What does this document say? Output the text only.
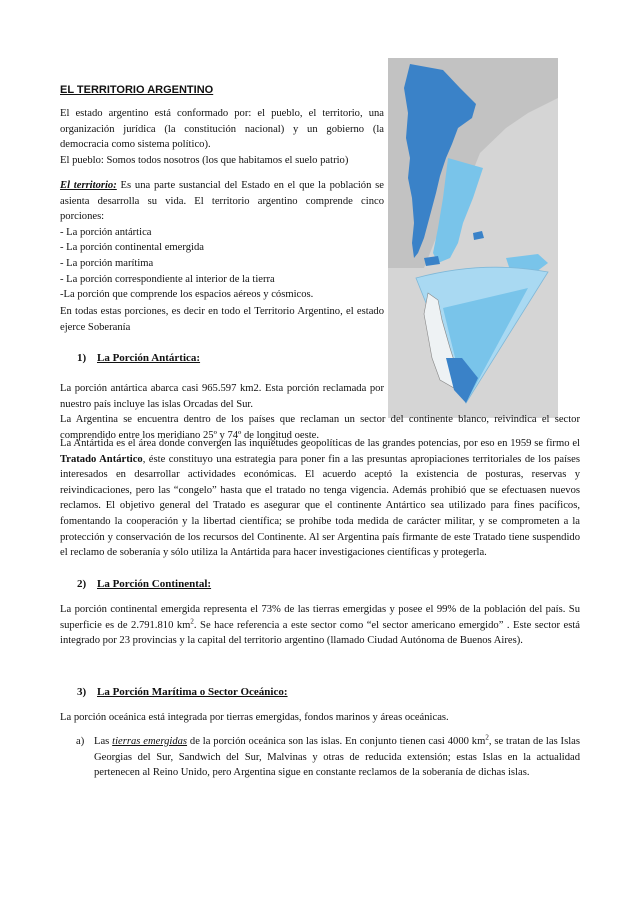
EL TERRITORIO ARGENTINO
El estado argentino está conformado por: el pueblo, el territorio, una organización jurídica (la constitución nacional) y un gobierno (la democracia como sistema político).
El pueblo: Somos todos nosotros (los que habitamos el suelo patrio)
El territorio: Es una parte sustancial del Estado en el que la población se asienta desarrolla su vida. El territorio argentino comprende cinco porciones:
- La porción antártica
- La porción continental emergida
- La porción marítima
- La porción correspondiente al interior de la tierra
-La porción que comprende los espacios aéreos y cósmicos.
En todas estas porciones, es decir en todo el Territorio Argentino, el estado ejerce Soberanía
1) La Porción Antártica:
La porción antártica abarca casi 965.597 km2. Esta porción reclamada por nuestro país incluye las islas Orcadas del Sur.
La Argentina se encuentra dentro de los países que reclaman un sector del continente blanco, reivindica el sector comprendido entre los meridiano 25º y 74º de longitud oeste.
La Antártida es el área donde convergen las inquietudes geopolíticas de las grandes potencias, por eso en 1959 se firmo el Tratado Antártico, éste constituyo una estrategia para poner fin a las presuntas apropiaciones territoriales de los países interesados en desarrollar actividades económicas. El acuerdo aceptó la existencia de posturas, reservas y reivindicaciones, pero las “congelo” hasta que el tratado no tenga vigencia. Además prohibió que se efectuasen nuevos reclamos. El objetivo general del Tratado es asegurar que el continente Antártico sea utilizado para fines pacíficos, fomentando la cooperación y la libertad científica; se prohíbe toda medida de carácter militar, y se comprometen a la protección y conservación de los recursos del Continente. Al ser Argentina país firmante de este Tratado tiene suspendido el reclamo de soberanía y sólo utiliza la Antártida para hacer investigaciones científicas y protegerla.
2) La Porción Continental:
La porción continental emergida representa el 73% de las tierras emergidas y posee el 99% de la población del país. Su superficie es de 2.791.810 $km^2$. Se hace referencia a este sector como “el sector americano emergido” . Este sector está integrado por 23 provincias y la capital del territorio argentino (llamado Ciudad Autónoma de Buenos Aires).
3) La Porción Marítima o Sector Oceánico:
La porción oceánica está integrada por tierras emergidas, fondos marinos y áreas oceánicas.
a) Las tierras emergidas de la porción oceánica son las islas. En conjunto tienen casi 4000 $km^2$, se tratan de las Islas Georgias del Sur, Sandwich del Sur, Malvinas y otras de reducida extensión; estas Islas en la actualidad pertenecen al Reino Unido, pero Argentina sigue en constante reclamos de la soberanía de dichas islas.
